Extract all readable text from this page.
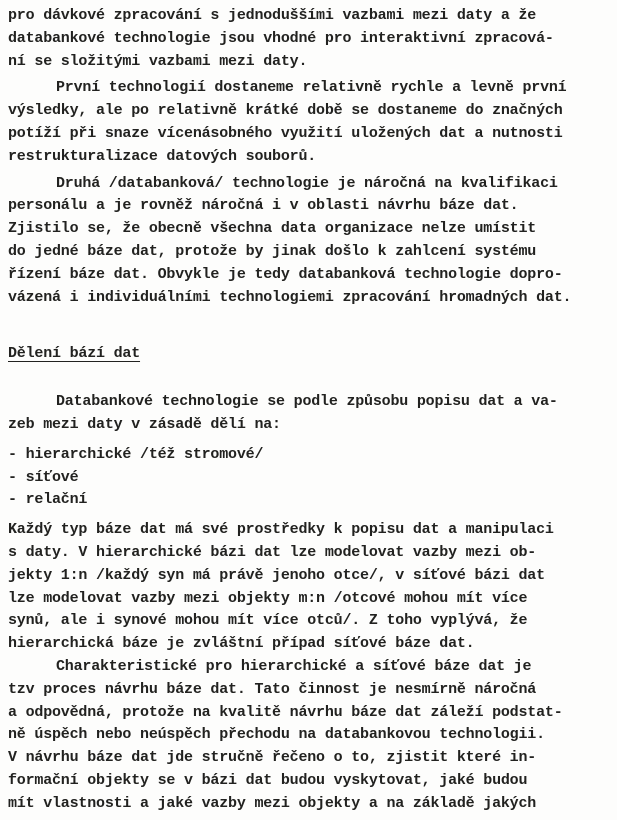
pro dávkové zpracování s jednoduššími vazbami mezi daty a že
databankové technologie jsou vhodné pro interaktivní zpracová-
ní se složitými vazbami mezi daty.
První technologií dostaneme relativně rychle a levně první
výsledky, ale po relativně krátké době se dostaneme do značných
potíží při snaze vícenásobného využití uložených dat a nutnosti
restrukturalizace datových souborů.
Druhá /databanková/ technologie je náročná na kvalifikaci
personálu a je rovněž náročná i v oblasti návrhu báze dat.
Zjistilo se, že obecně všechna data organizace nelze umístit
do jedné báze dat, protože by jinak došlo k zahlcení systému
řízení báze dat. Obvykle je tedy databanková technologie dopro-
vázená i individuálními technologiemi zpracování hromadných dat.
Dělení bází dat
Databankové technologie se podle způsobu popisu dat a va-
zeb mezi daty v zásadě dělí na:
- hierarchické /též stromové/
- síťové
- relační
Každý typ báze dat má své prostředky k popisu dat a manipulaci
s daty. V hierarchické bázi dat lze modelovat vazby mezi ob-
jekty 1:n /každý syn má právě jenoho otce/, v síťové bázi dat
lze modelovat vazby mezi objekty m:n /otcové mohou mít více
synů, ale i synové mohou mít více otců/. Z toho vyplývá, že
hierarchická báze je zvláštní případ síťové báze dat.
Charakteristické pro hierarchické a síťové báze dat je
tzv proces návrhu báze dat. Tato činnost je nesmírně náročná
a odpovědná, protože na kvalitě návrhu báze dat záleží podstat-
ně úspěch nebo neúspěch přechodu na databankovou technologii.
V návrhu báze dat jde stručně řečeno o to, zjistit které in-
formační objekty se v bázi dat budou vyskytovat, jaké budou
mít vlastnosti a jaké vazby mezi objekty a na základě jakých
